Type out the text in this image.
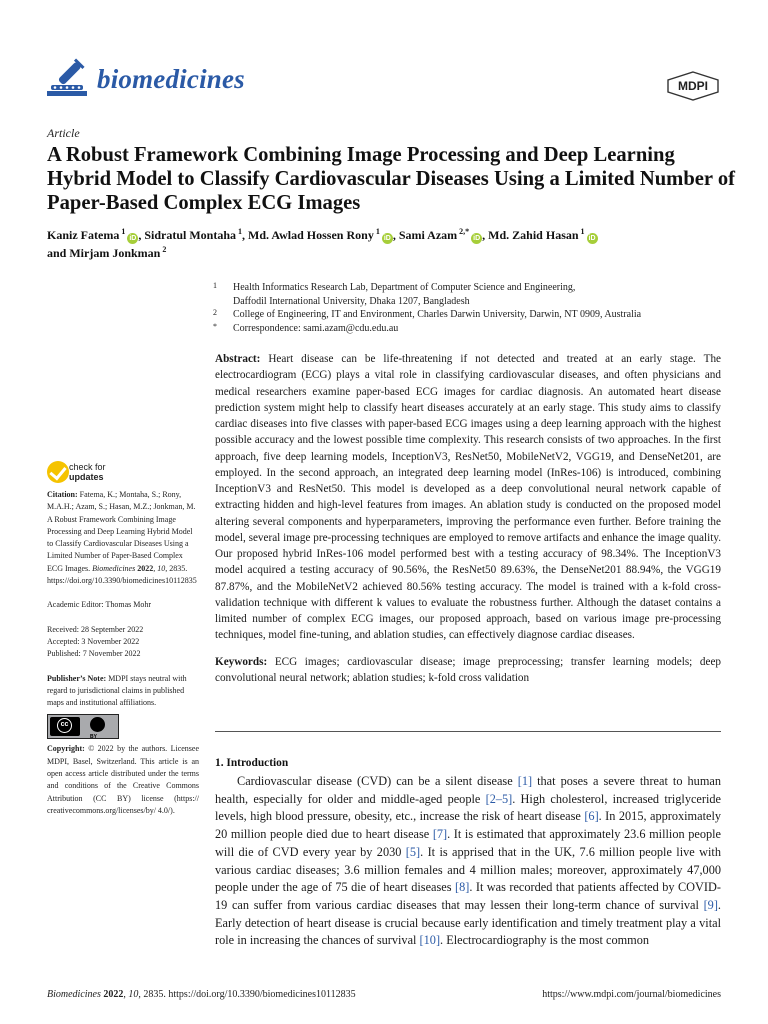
biomedicines	MDPI
Article
A Robust Framework Combining Image Processing and Deep Learning Hybrid Model to Classify Cardiovascular Diseases Using a Limited Number of Paper-Based Complex ECG Images
Kaniz Fatema $^1$iD , Sidratul Montaha $^1$, Md. Awlad Hossen Rony $^1$iD , Sami Azam $^{2,*}$iD , Md. Zahid Hasan $^1$iD
and Mirjam Jonkman $^2$
1 Health Informatics Research Lab, Department of Computer Science and Engineering,
Daffodil International University, Dhaka 1207, Bangladesh
2 College of Engineering, IT and Environment, Charles Darwin University, Darwin, NT 0909, Australia
* Correspondence: sami.azam@cdu.edu.au
Abstract: Heart disease can be life-threatening if not detected and treated at an early stage. The electrocardiogram (ECG) plays a vital role in classifying cardiovascular diseases, and often physicians and medical researchers examine paper-based ECG images for cardiac diagnosis. An automated heart disease prediction system might help to classify heart diseases accurately at an early stage. This study aims to classify cardiac diseases into five classes with paper-based ECG images using a deep learning approach with the highest possible accuracy and the lowest possible time complexity. This research consists of two approaches. In the first approach, five deep learning models, InceptionV3, ResNet50, MobileNetV2, VGG19, and DenseNet201, are employed. In the second approach, an integrated deep learning model (InRes-106) is introduced, combining InceptionV3 and ResNet50. This model is developed as a deep convolutional neural network capable of extracting hidden and high-level features from images. An ablation study is conducted on the proposed model altering several components and hyperparameters, improving the performance even further. Before training the model, several image pre-processing techniques are employed to remove artifacts and enhance the image quality. Our proposed hybrid InRes-106 model performed best with a testing accuracy of 98.34%. The InceptionV3 model acquired a testing accuracy of 90.56%, the ResNet50 89.63%, the DenseNet201 88.94%, the VGG19 87.87%, and the MobileNetV2 achieved 80.56% testing accuracy. The model is trained with a k-fold cross-validation technique with different k values to evaluate the robustness further. Although the dataset contains a limited number of complex ECG images, our proposed approach, based on various image pre-processing techniques, model fine-tuning, and ablation studies, can effectively diagnose cardiac diseases.
Keywords: ECG images; cardiovascular disease; image preprocessing; transfer learning models; deep convolutional neural network; ablation studies; k-fold cross validation
1. Introduction
Cardiovascular disease (CVD) can be a silent disease [1] that poses a severe threat to human health, especially for older and middle-aged people [2–5]. High cholesterol, increased triglyceride levels, high blood pressure, obesity, etc., increase the risk of heart disease [6]. In 2015, approximately 20 million people died due to heart disease [7]. It is estimated that approximately 23.6 million people will die of CVD every year by 2030 [5]. It is apprised that in the UK, 7.6 million people live with various cardiac diseases; 3.6 million females and 4 million males; moreover, approximately 47,000 people under the age of 75 die of heart diseases [8]. It was recorded that patients affected by COVID-19 can suffer from various cardiac diseases that may lessen their long-term chance of survival [9]. Early detection of heart disease is crucial because early identification and timely treatment play a vital role in increasing the chances of survival [10]. Electrocardiography is the most common
check for
updates
Citation: Fatema, K.; Montaha, S.; Rony, M.A.H.; Azam, S.; Hasan, M.Z.; Jonkman, M. A Robust Framework Combining Image Processing and Deep Learning Hybrid Model to Classify Cardiovascular Diseases Using a Limited Number of Paper-Based Complex ECG Images. Biomedicines 2022, 10, 2835.
https://doi.org/10.3390/biomedicines10112835
Academic Editor: Thomas Mohr
Received: 28 September 2022
Accepted: 3 November 2022
Published: 7 November 2022
Publisher’s Note: MDPI stays neutral with regard to jurisdictional claims in published maps and institutional affiliations.
cc
BY
Copyright: © 2022 by the authors. Licensee MDPI, Basel, Switzerland. This article is an open access article distributed under the terms and conditions of the Creative Commons Attribution (CC BY) license (https:// creativecommons.org/licenses/by/ 4.0/).
Biomedicines 2022, 10, 2835. https://doi.org/10.3390/biomedicines10112835	https://www.mdpi.com/journal/biomedicines
